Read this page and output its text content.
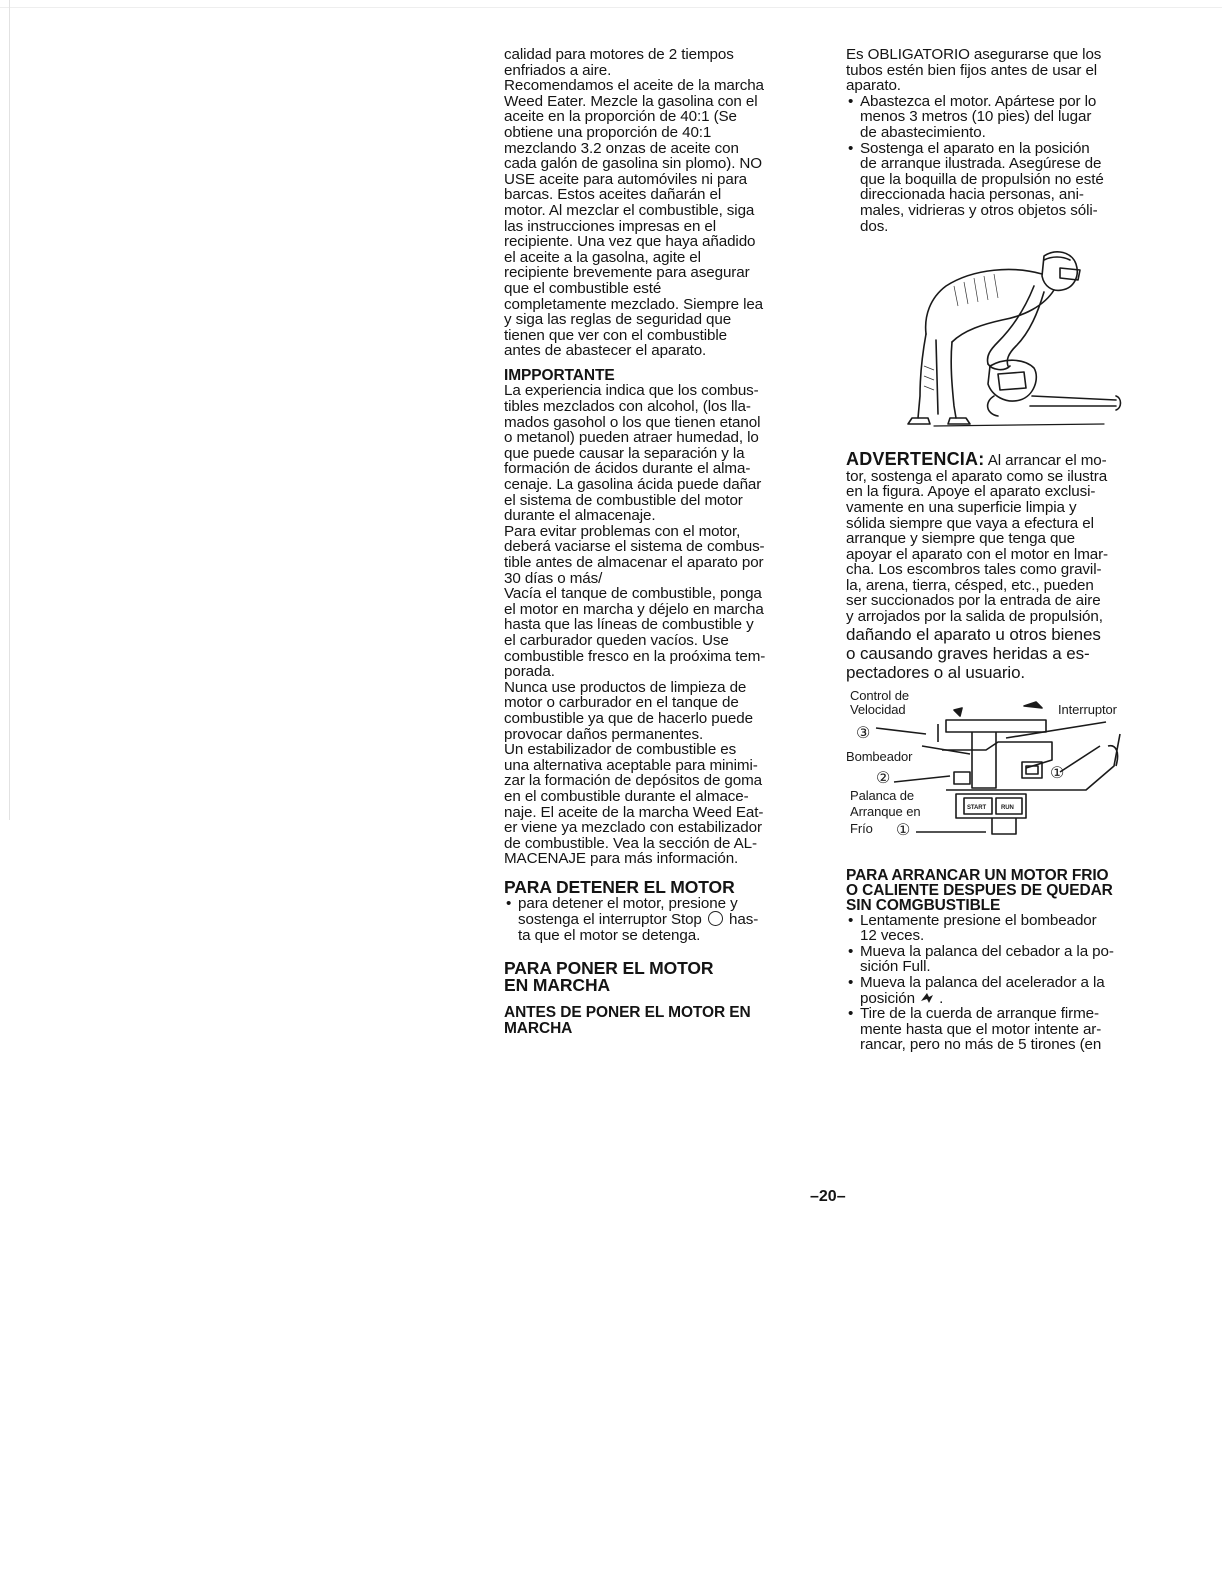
calidad para motores de 2 tiempos
enfriados a aire.
Recomendamos el aceite de la marcha
Weed Eater. Mezcle la gasolina con el
aceite en la proporción de 40:1 (Se
obtiene una proporción de 40:1
mezclando 3.2 onzas de aceite con
cada galón de gasolina sin plomo). NO
USE aceite para automóviles ni para
barcas. Estos aceites dañarán el
motor. Al mezclar el combustible, siga
las instrucciones impresas en el
recipiente. Una vez que haya añadido
el aceite a la gasolna, agite el
recipiente brevemente para asegurar
que el combustible esté
completamente mezclado. Siempre lea
y siga las reglas de seguridad que
tienen que ver con el combustible
antes de abastecer el aparato.
IMPPORTANTE
La experiencia indica que los combus-
tibles mezclados con alcohol, (los lla-
mados gasohol o los que tienen etanol
o metanol) pueden atraer humedad, lo
que puede causar la separación y la
formación de ácidos durante el alma-
cenaje. La gasolina ácida puede dañar
el sistema de combustible del motor
durante el almacenaje.
Para evitar problemas con el motor,
deberá vaciarse el sistema de combus-
tible antes de almacenar el aparato por
30 días o más/
Vacía el tanque de combustible, ponga
el motor en marcha y déjelo en marcha
hasta que las líneas de combustible y
el carburador queden vacíos. Use
combustible fresco en la proóxima tem-
porada.
Nunca use productos de limpieza de
motor o carburador en el tanque de
combustible ya que de hacerlo puede
provocar daños permanentes.
Un estabilizador de combustible es
una alternativa aceptable para minimi-
zar la formación de depósitos de goma
en el combustible durante el almace-
naje. El aceite de la marcha Weed Eat-
er viene ya mezclado con estabilizador
de combustible. Vea la sección de AL-
MACENAJE para más información.
PARA DETENER EL MOTOR
• para detener el motor, presione y
sostenga el interruptor Stop has-
ta que el motor se detenga.
PARA PONER EL MOTOR
EN MARCHA
ANTES DE PONER EL MOTOR EN
MARCHA
Es OBLIGATORIO asegurarse que los
tubos estén bien fijos antes de usar el
aparato.
• Abastezca el motor. Apártese por lo
menos 3 metros (10 pies) del lugar
de abastecimiento.
• Sostenga el aparato en la posición
de arranque ilustrada. Asegúrese de
que la boquilla de propulsión no esté
direccionada hacia personas, ani-
males, vidrieras y otros objetos sóli-
dos.
ADVERTENCIA: Al arrancar el mo-
tor, sostenga el aparato como se ilustra
en la figura. Apoye el aparato exclusi-
vamente en una superficie limpia y
sólida siempre que vaya a efectura el
arranque y siempre que tenga que
apoyar el aparato con el motor en lmar-
cha. Los escombros tales como gravil-
la, arena, tierra, césped, etc., pueden
ser succionados por la entrada de aire
y arrojados por la salida de propulsión,
dañando el aparato u otros bienes
o causando graves heridas a es-
pectadores o al usuario.
Control de
Velocidad	Interruptor
③
Bombeador
②
Palanca de
Arranque en
Frío ①
①
START RUN
PARA ARRANCAR UN MOTOR FRIO
O CALIENTE DESPUES DE QUEDAR
SIN COMGBUSTIBLE
• Lentamente presione el bombeador
12 veces.
• Mueva la palanca del cebador a la po-
sición Full.
• Mueva la palanca del acelerador a la
posición  .
• Tire de la cuerda de arranque firme-
mente hasta que el motor intente ar-
rancar, pero no más de 5 tirones (en
–20–
